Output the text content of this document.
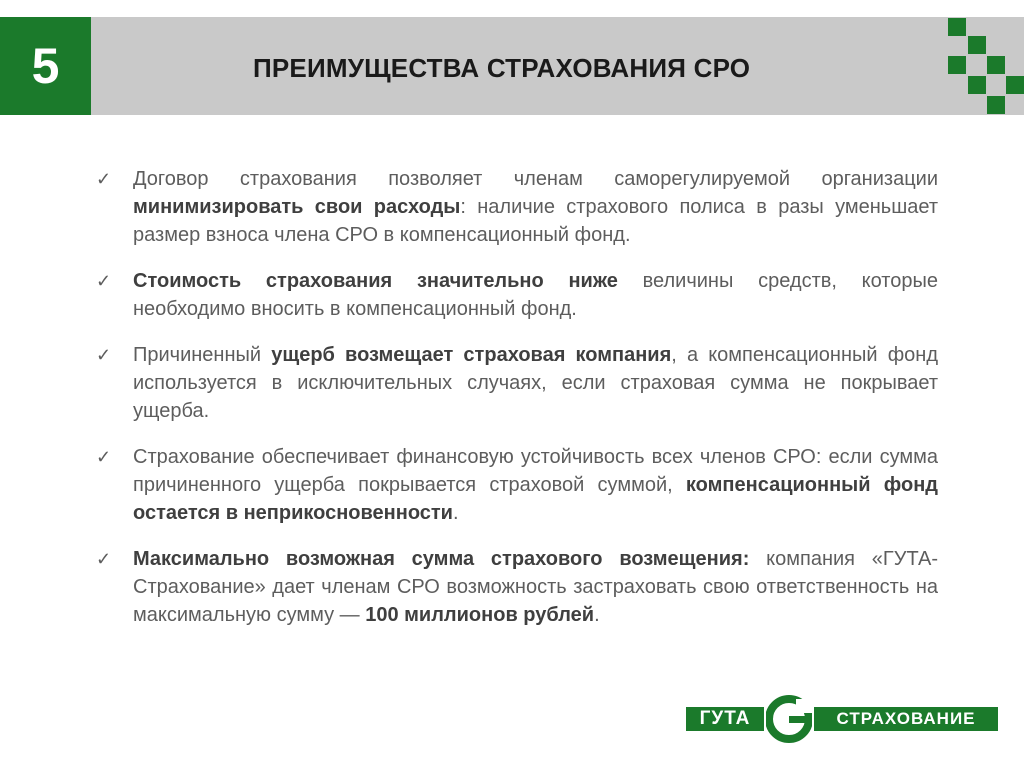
5	ПРЕИМУЩЕСТВА СТРАХОВАНИЯ СРО
✓ Договор страхования позволяет членам саморегулируемой организации минимизировать свои расходы: наличие страхового полиса в разы уменьшает размер взноса члена СРО в компенсационный фонд.
✓ Стоимость страхования значительно ниже величины средств, которые необходимо вносить в компенсационный фонд.
✓ Причиненный ущерб возмещает страховая компания, а компенсационный фонд используется в исключительных случаях, если страховая сумма не покрывает ущерба.
✓ Страхование обеспечивает финансовую устойчивость всех членов СРО: если сумма причиненного ущерба покрывается страховой суммой, компенсационный фонд остается в неприкосновенности.
✓ Максимально возможная сумма страхового возмещения: компания «ГУТА-Страхование» дает членам СРО возможность застраховать свою ответственность на максимальную сумму — 100 миллионов рублей.
ГУТА	СТРАХОВАНИЕ
